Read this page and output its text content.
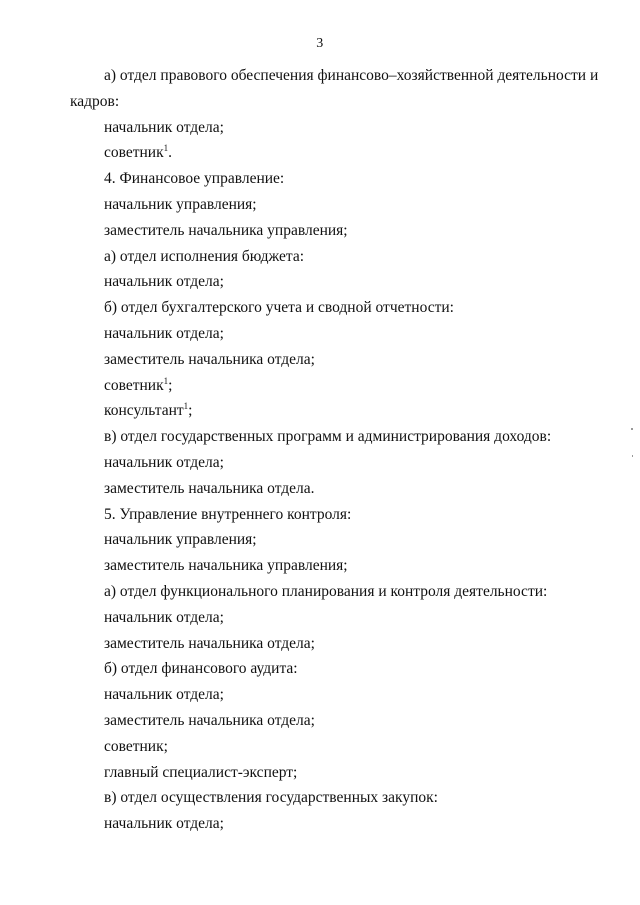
3
а) отдел правового обеспечения финансово–хозяйственной деятельности и
кадров:
начальник отдела;
советник$^1$.
4. Финансовое управление:
начальник управления;
заместитель начальника управления;
а) отдел исполнения бюджета:
начальник отдела;
б) отдел бухгалтерского учета и сводной отчетности:
начальник отдела;
заместитель начальника отдела;
советник$^1$;
консультант$^1$;
в) отдел государственных программ и администрирования доходов:
начальник отдела;
заместитель начальника отдела.
5. Управление внутреннего контроля:
начальник управления;
заместитель начальника управления;
а) отдел функционального планирования и контроля деятельности:
начальник отдела;
заместитель начальника отдела;
б) отдел финансового аудита:
начальник отдела;
заместитель начальника отдела;
советник;
главный специалист-эксперт;
в) отдел осуществления государственных закупок:
начальник отдела;
